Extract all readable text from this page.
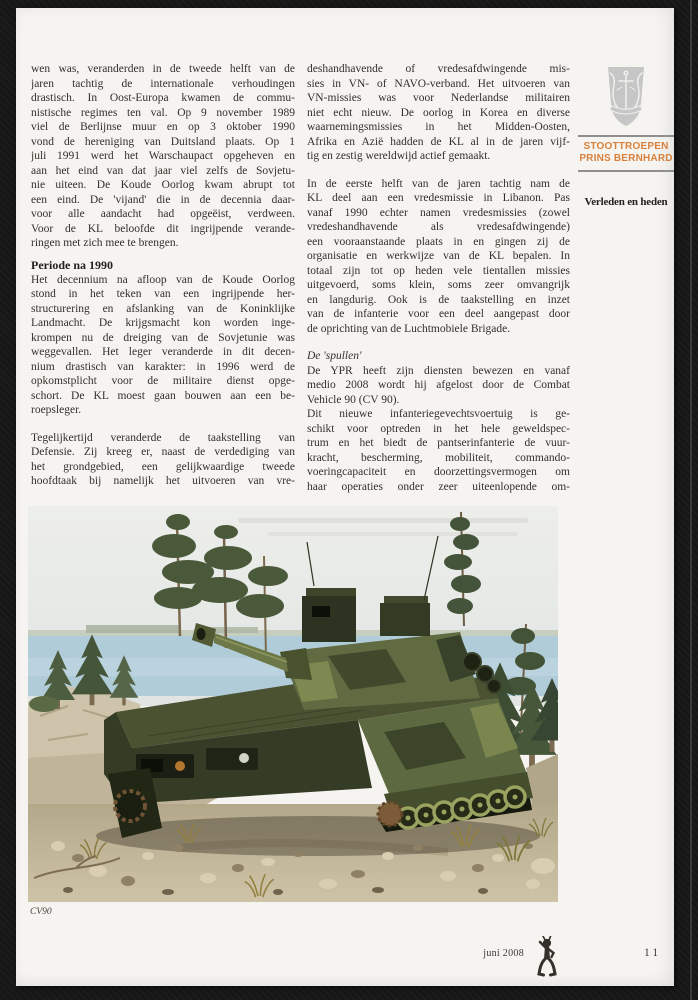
wen was, veranderden in de tweede helft van de
jaren tachtig de internationale verhoudingen
drastisch. In Oost-Europa kwamen de commu-
nistische regimes ten val. Op 9 november 1989
viel de Berlijnse muur en op 3 oktober 1990
vond de hereniging van Duitsland plaats. Op 1
juli 1991 werd het Warschaupact opgeheven en
aan het eind van dat jaar viel zelfs de Sovjetu-
nie uiteen. De Koude Oorlog kwam abrupt tot
een eind. De 'vijand' die in de decennia daar-
voor alle aandacht had opgeëist, verdween.
Voor de KL beloofde dit ingrijpende verande-
ringen met zich mee te brengen.
Periode na 1990
Het decennium na afloop van de Koude Oorlog
stond in het teken van een ingrijpende her-
structurering en afslanking van de Koninklijke
Landmacht. De krijgsmacht kon worden inge-
krompen nu de dreiging van de Sovjetunie was
weggevallen. Het leger veranderde in dit decen-
nium drastisch van karakter: in 1996 werd de
opkomstplicht voor de militaire dienst opge-
schort. De KL moest gaan bouwen aan een be-
roepsleger.
Tegelijkertijd veranderde de taakstelling van
Defensie. Zij kreeg er, naast de verdediging van
het grondgebied, een gelijkwaardige tweede
hoofdtaak bij namelijk het uitvoeren van vre-
deshandhavende of vredesafdwingende mis-
sies in VN- of NAVO-verband. Het uitvoeren van
VN-missies was voor Nederlandse militairen
niet echt nieuw. De oorlog in Korea en diverse
waarnemingsmissies in het Midden-Oosten,
Afrika en Azië hadden de KL al in de jaren vijf-
tig en zestig wereldwijd actief gemaakt.
In de eerste helft van de jaren tachtig nam de
KL deel aan een vredesmissie in Libanon. Pas
vanaf 1990 echter namen vredesmissies (zowel
vredeshandhavende als vredesafdwingende)
een vooraanstaande plaats in en gingen zij de
organisatie en werkwijze van de KL bepalen. In
totaal zijn tot op heden vele tientallen missies
uitgevoerd, soms klein, soms zeer omvangrijk
en langdurig. Ook is de taakstelling en inzet
van de infanterie voor een deel aangepast door
de oprichting van de Luchtmobiele Brigade.
De 'spullen'
De YPR heeft zijn diensten bewezen en vanaf
medio 2008 wordt hij afgelost door de Combat
Vehicle 90 (CV 90).
Dit nieuwe infanteriegevechtsvoertuig is ge-
schikt voor optreden in het hele geweldspec-
trum en het biedt de pantserinfanterie de vuur-
kracht, bescherming, mobiliteit, commando-
voeringcapaciteit en doorzettingsvermogen om
haar operaties onder zeer uiteenlopende om-
STOOTTROEPEN
PRINS BERNHARD
Verleden en heden
CV90
juni 2008	11
